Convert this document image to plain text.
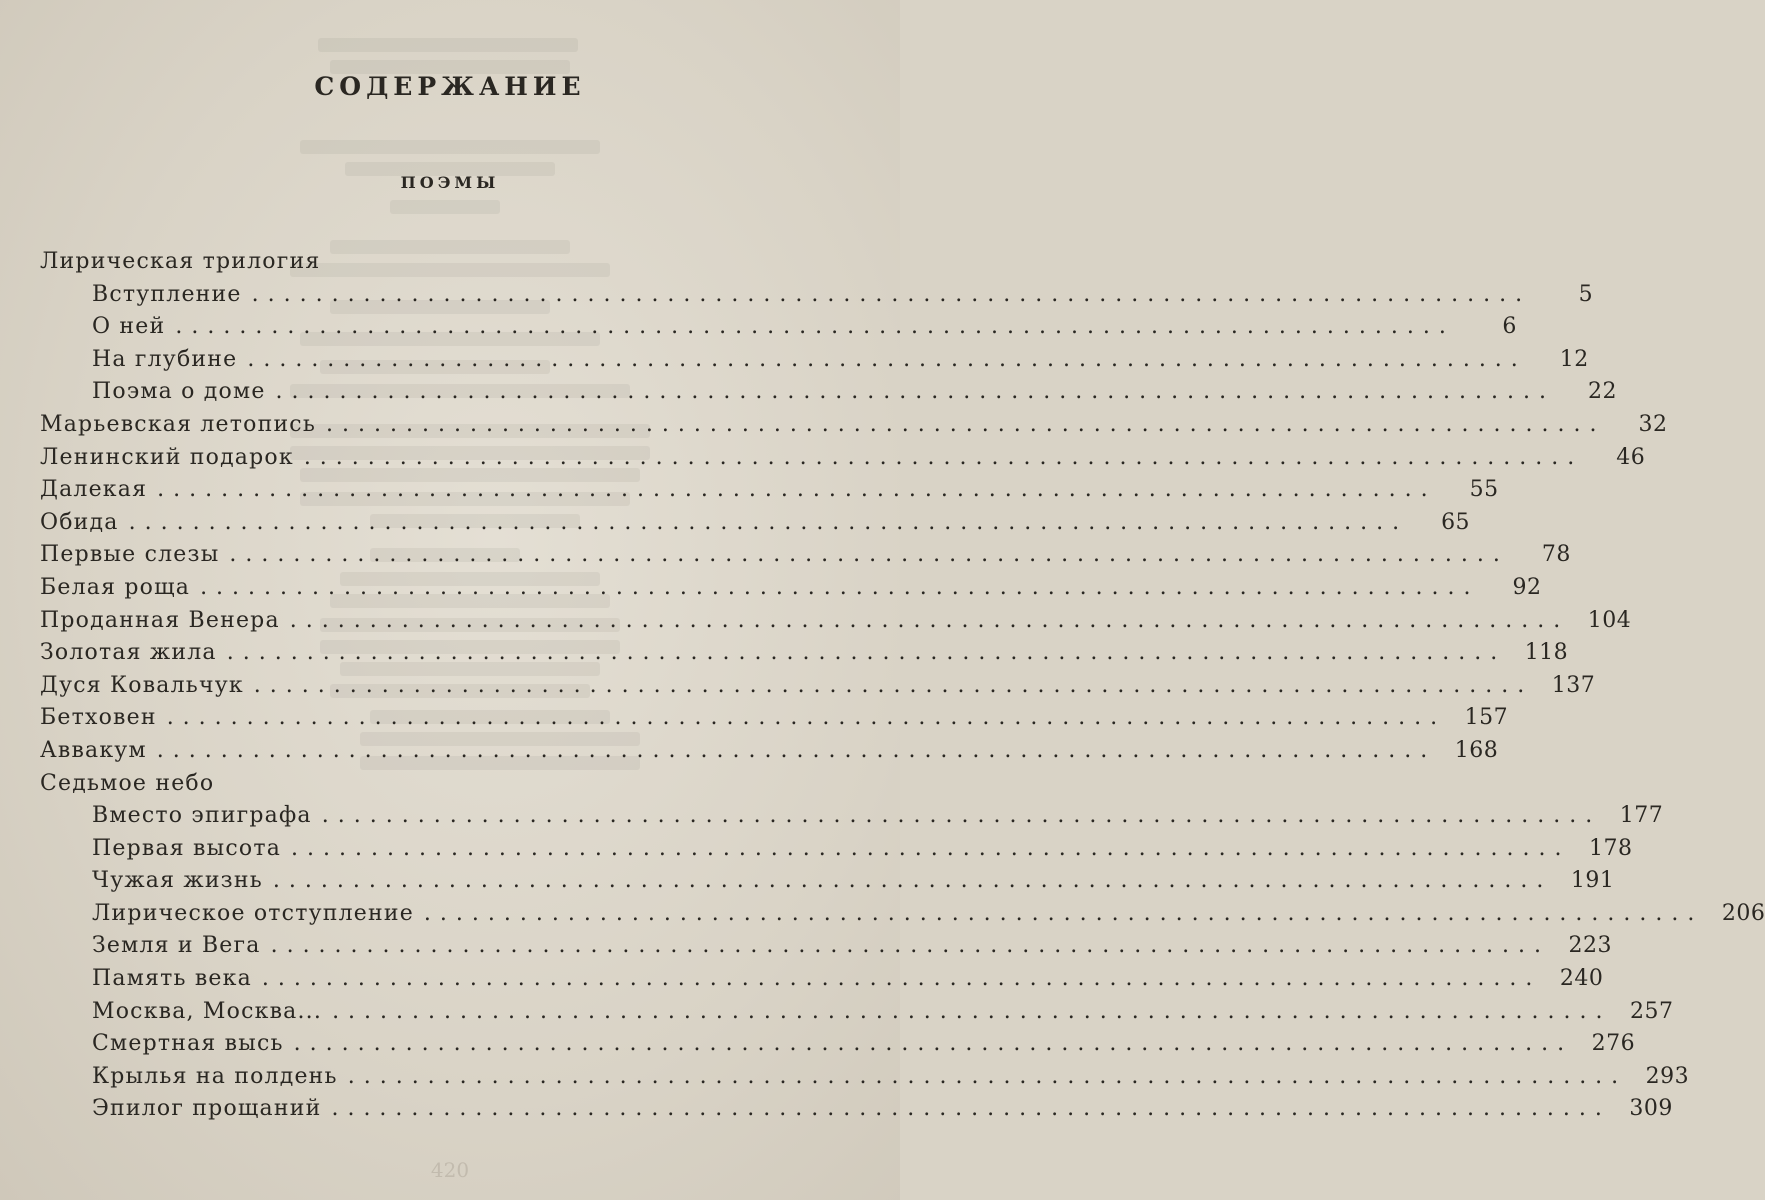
СОДЕРЖАНИЕ
ПОЭМЫ
Лирическая трилогия
Вступление ................................................................................	5
О ней ................................................................................	6
На глубине ................................................................................	12
Поэма о доме ................................................................................	22
Марьевская летопись ................................................................................	32
Ленинский подарок ................................................................................	46
Далекая ................................................................................	55
Обида ................................................................................	65
Первые слезы ................................................................................	78
Белая роща ................................................................................	92
Проданная Венера ................................................................................ 104
Золотая жила ................................................................................ 118
Дуся Ковальчук ................................................................................ 137
Бетховен ................................................................................ 157
Аввакум ................................................................................ 168
Седьмое небо
Вместо эпиграфа ................................................................................ 177
Первая высота ................................................................................ 178
Чужая жизнь ................................................................................ 191
Лирическое отступление ................................................................................ 206
Земля и Вега ................................................................................ 223
Память века ................................................................................ 240
Москва, Москва... ................................................................................ 257
Смертная высь ................................................................................ 276
Крылья на полдень ................................................................................ 293
Эпилог прощаний ................................................................................ 309
420
